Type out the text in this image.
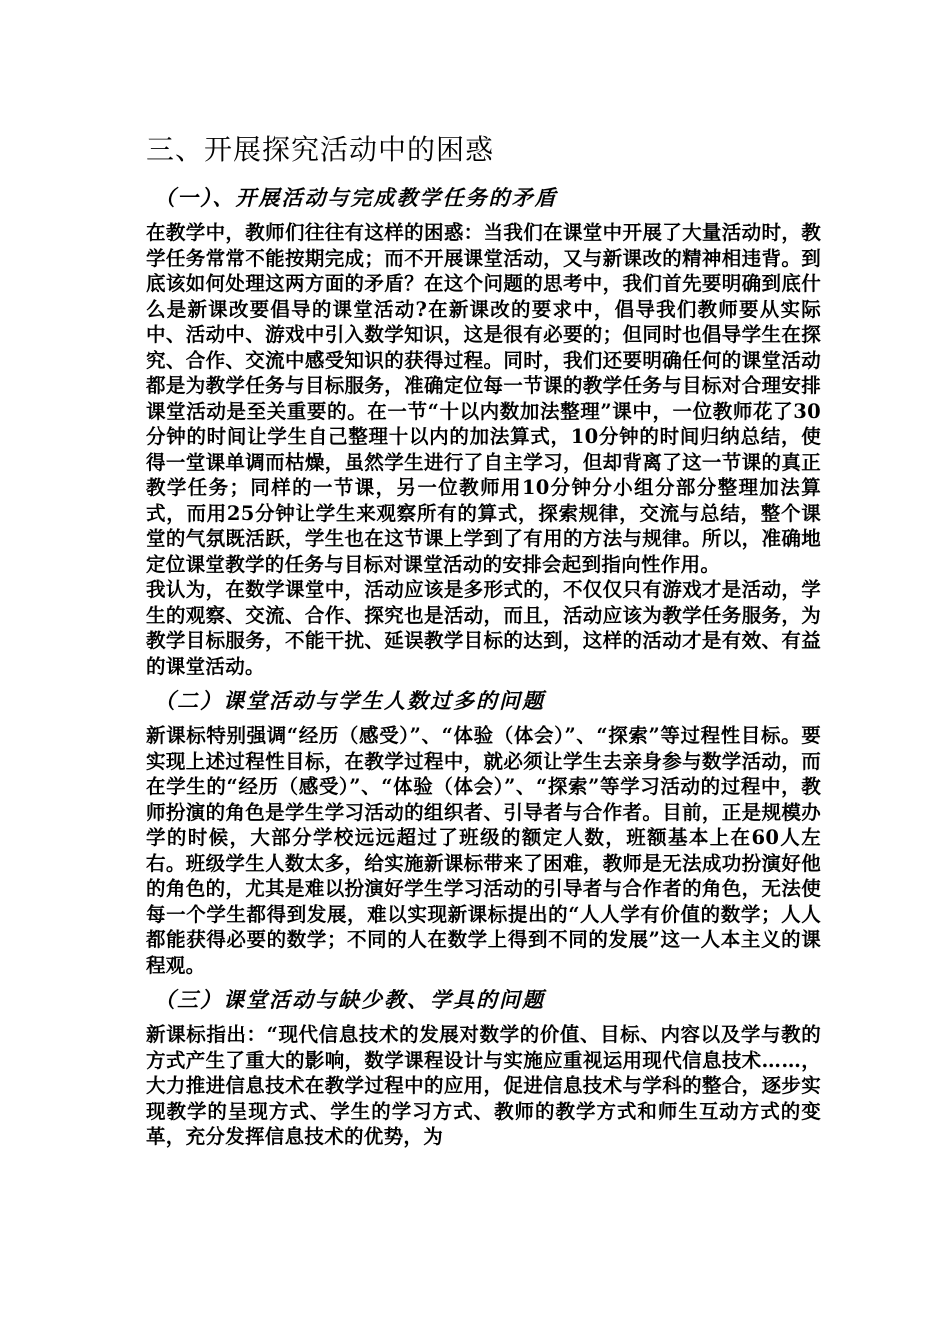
三、开展探究活动中的困惑
（一）、开展活动与完成教学任务的矛盾

在教学中，教师们往往有这样的困惑：当我们在课堂中开展了大量活动时，教学任务常常不能按期完成；而不开展课堂活动，又与新课改的精神相违背。到底该如何处理这两方面的矛盾？在这个问题的思考中，我们首先要明确到底什么是新课改要倡导的课堂活动?在新课改的要求中，倡导我们教师要从实际中、活动中、游戏中引入数学知识，这是很有必要的；但同时也倡导学生在探究、合作、交流中感受知识的获得过程。同时，我们还要明确任何的课堂活动都是为教学任务与目标服务，准确定位每一节课的教学任务与目标对合理安排课堂活动是至关重要的。在一节“十以内数加法整理”课中，一位教师花了30分钟的时间让学生自己整理十以内的加法算式，10分钟的时间归纳总结，使得一堂课单调而枯燥，虽然学生进行了自主学习，但却背离了这一节课的真正教学任务；同样的一节课，另一位教师用10分钟分小组分部分整理加法算式，而用25分钟让学生来观察所有的算式，探索规律，交流与总结，整个课堂的气氛既活跃，学生也在这节课上学到了有用的方法与规律。所以，准确地定位课堂教学的任务与目标对课堂活动的安排会起到指向性作用。

我认为，在数学课堂中，活动应该是多形式的，不仅仅只有游戏才是活动，学生的观察、交流、合作、探究也是活动，而且，活动应该为教学任务服务，为教学目标服务，不能干扰、延误教学目标的达到，这样的活动才是有效、有益的课堂活动。

（二）课堂活动与学生人数过多的问题

新课标特别强调“经历（感受）”、“体验（体会）”、“探索”等过程性目标。要实现上述过程性目标，在教学过程中，就必须让学生去亲身参与数学活动，而在学生的“经历（感受）”、“体验（体会）”、“探索”等学习活动的过程中，教师扮演的角色是学生学习活动的组织者、引导者与合作者。目前，正是规模办学的时候，大部分学校远远超过了班级的额定人数，班额基本上在60人左右。班级学生人数太多，给实施新课标带来了困难，教师是无法成功扮演好他的角色的，尤其是难以扮演好学生学习活动的引导者与合作者的角色，无法使每一个学生都得到发展，难以实现新课标提出的“人人学有价值的数学；人人都能获得必要的数学；不同的人在数学上得到不同的发展”这一人本主义的课程观。

（三）课堂活动与缺少教、学具的问题

新课标指出：“现代信息技术的发展对数学的价值、目标、内容以及学与教的方式产生了重大的影响，数学课程设计与实施应重视运用现代信息技术……，大力推进信息技术在教学过程中的应用，促进信息技术与学科的整合，逐步实现教学的呈现方式、学生的学习方式、教师的教学方式和师生互动方式的变革，充分发挥信息技术的优势，为
